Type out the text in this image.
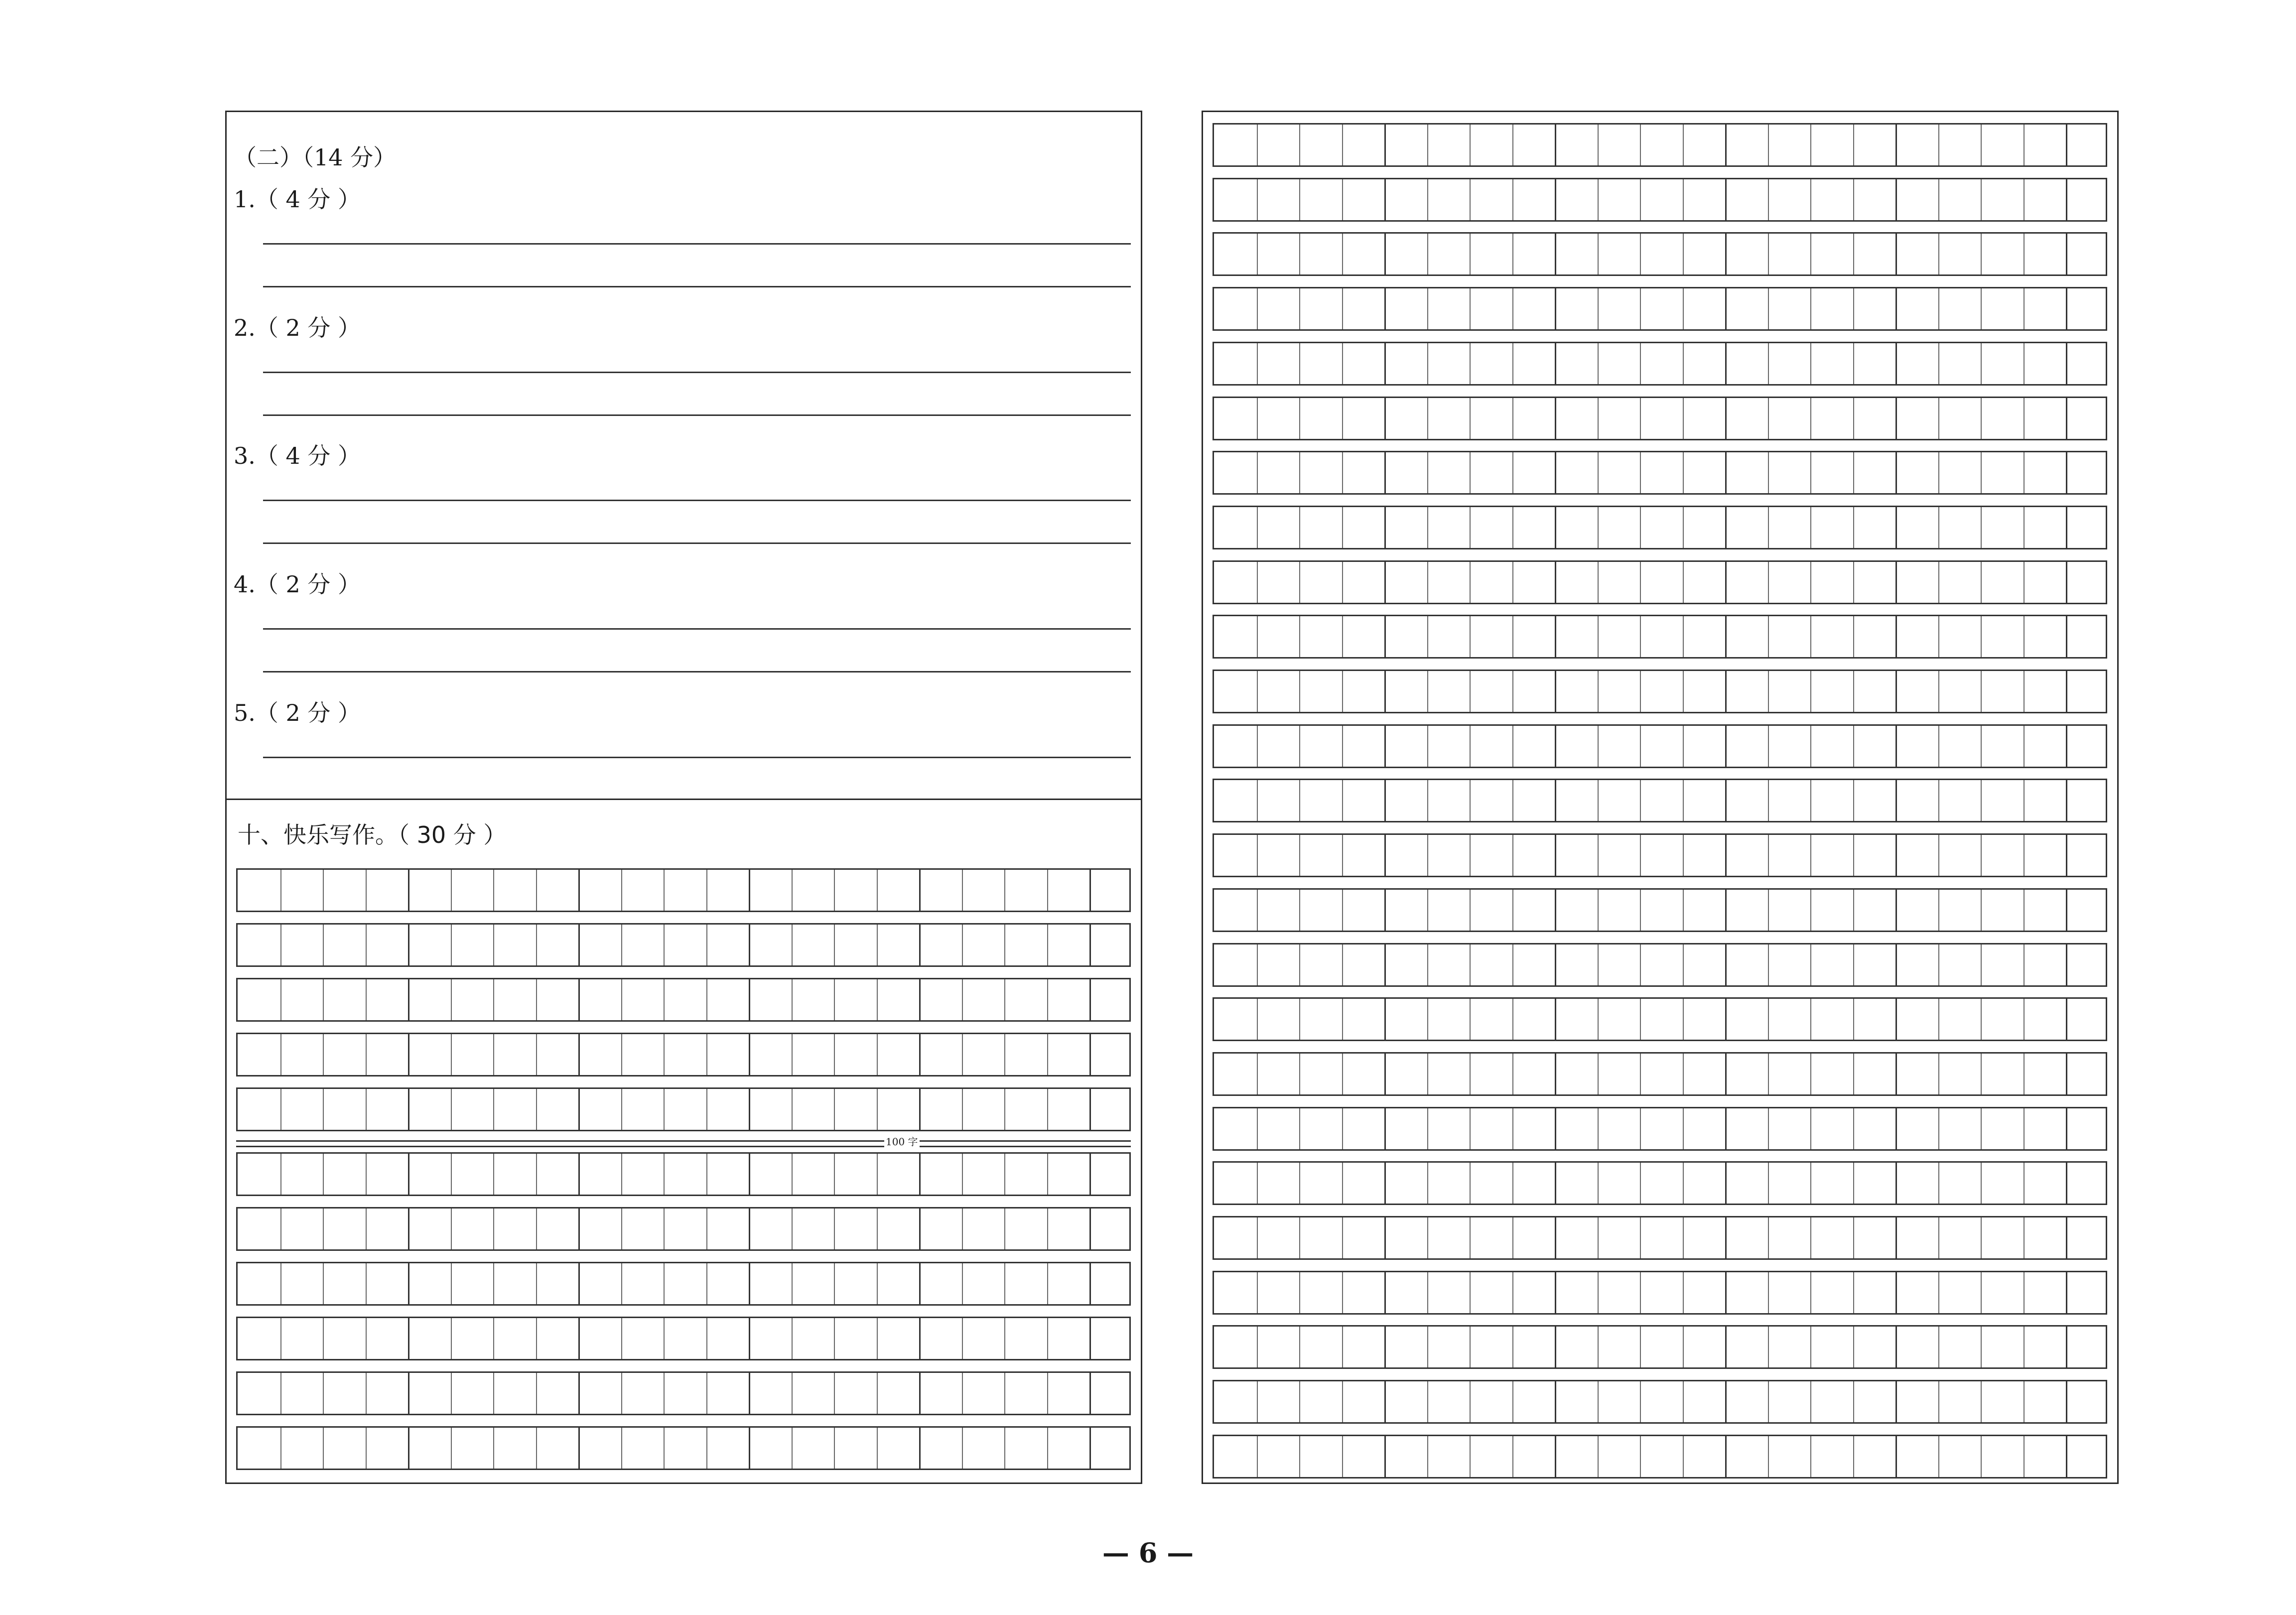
（二）（14 分）
1.（ 4 分 ）
2.（ 2 分 ）
3.（ 4 分 ）
4.（ 2 分 ）
5.（ 2 分 ）
十、快乐写作。（ 30 分 ）
100 字
— 6 —
